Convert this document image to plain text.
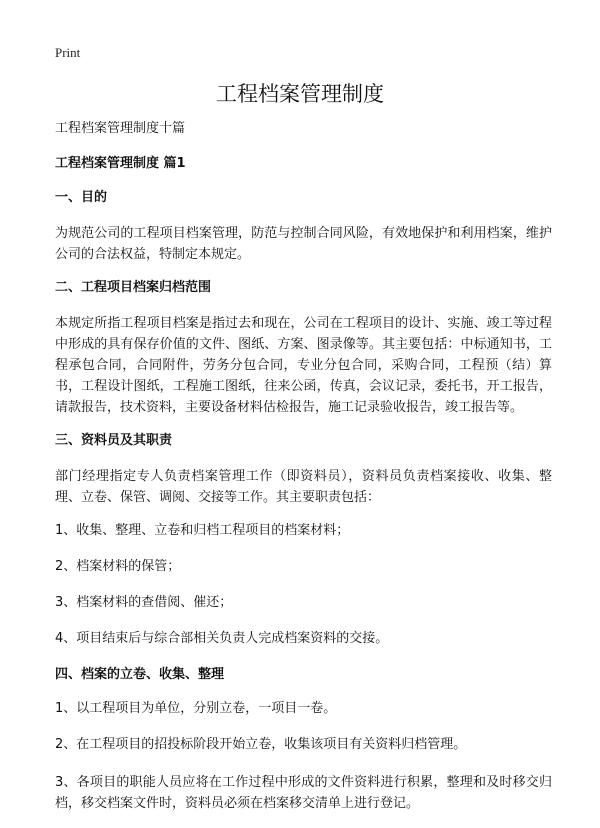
Print
工程档案管理制度

工程档案管理制度十篇

工程档案管理制度 篇1

一、目的

为规范公司的工程项目档案管理，防范与控制合同风险，有效地保护和利用档案，维护公司的合法权益，特制定本规定。

二、工程项目档案归档范围

本规定所指工程项目档案是指过去和现在，公司在工程项目的设计、实施、竣工等过程中形成的具有保存价值的文件、图纸、方案、图录像等。其主要包括：中标通知书，工程承包合同，合同附件，劳务分包合同，专业分包合同，采购合同，工程预（结）算书，工程设计图纸，工程施工图纸，往来公函，传真，会议记录，委托书，开工报告，请款报告，技术资料，主要设备材料估检报告，施工记录验收报告，竣工报告等。

三、资料员及其职责

部门经理指定专人负责档案管理工作（即资料员），资料员负责档案接收、收集、整理、立卷、保管、调阅、交接等工作。其主要职责包括：

1、收集、整理、立卷和归档工程项目的档案材料；

2、档案材料的保管；

3、档案材料的查借阅、催还；

4、项目结束后与综合部相关负责人完成档案资料的交接。

四、档案的立卷、收集、整理

1、以工程项目为单位，分别立卷，一项目一卷。

2、在工程项目的招投标阶段开始立卷，收集该项目有关资料归档管理。

3、各项目的职能人员应将在工作过程中形成的文件资料进行积累，整理和及时移交归档，移交档案文件时，资料员必须在档案移交清单上进行登记。
